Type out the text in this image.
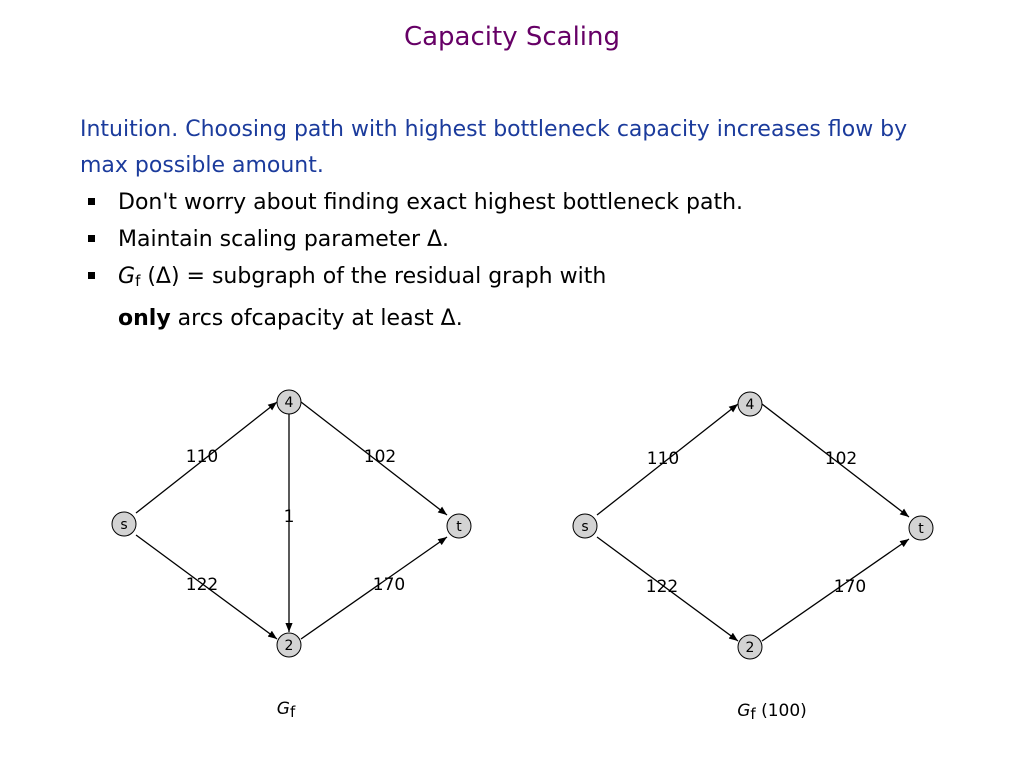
Capacity Scaling
Intuition. Choosing path with highest bottleneck capacity increases flow by max possible amount.
Don't worry about finding exact highest bottleneck path.
Maintain scaling parameter Δ.
$G_f$ (Δ) = subgraph of the residual graph with
only arcs ofcapacity at least Δ.
110	102
1
122	170
s
4
2
t
110	102
122	170
s
4
2
t
Gf	Gf (100)
